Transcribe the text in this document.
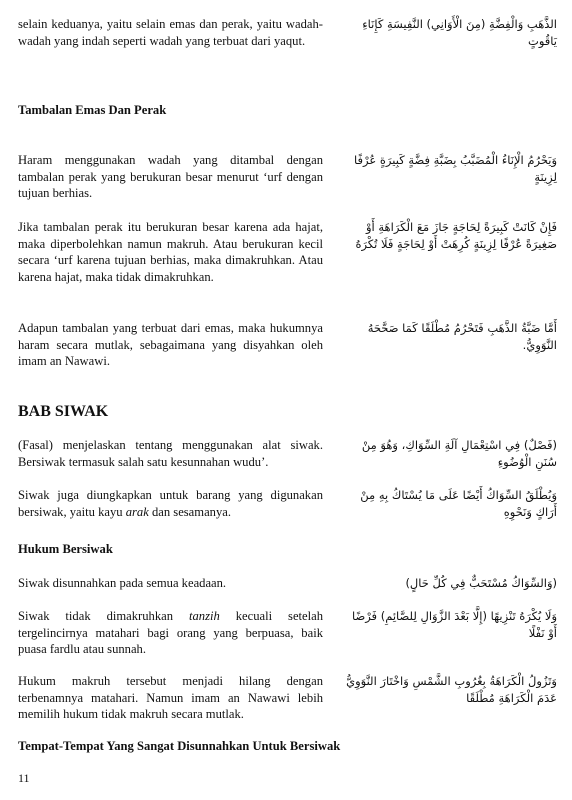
selain keduanya, yaitu selain emas dan perak, yaitu wadah-wadah yang indah seperti wadah yang terbuat dari yaqut.

الذَّهَبِ وَالْفِضَّةِ (مِنَ الْأَوَانِي) النَّفِيسَةِ كَإِنَاءِ يَاقُوتٍ

Tambalan Emas Dan Perak

Haram menggunakan wadah yang ditambal dengan tambalan perak yang berukuran besar menurut ‘urf dengan tujuan berhias.

وَيَحْرُمُ الْإِنَاءُ الْمُضَبَّبُ بِضَبَّةِ فِضَّةٍ كَبِيرَةٍ عُرْفًا لِزِينَةٍ

Jika tambalan perak itu berukuran besar karena ada hajat, maka diperbolehkan namun makruh. Atau berukuran kecil secara ‘urf karena tujuan berhias, maka dimakruhkan. Atau karena hajat, maka tidak dimakruhkan.

فَإِنْ كَانَتْ كَبِيرَةً لِحَاجَةٍ جَازَ مَعَ الْكَرَاهَةِ أَوْ صَغِيرَةً عُرْفًا لِزِينَةٍ كُرِهَتْ أَوْ لِحَاجَةٍ فَلَا تُكْرَهُ

Adapun tambalan yang terbuat dari emas, maka hukumnya haram secara mutlak, sebagaimana yang disyahkan oleh imam an Nawawi.

أَمَّا ضَبَّةُ الذَّهَبِ فَتَحْرُمُ مُطْلَقًا كَمَا صَحَّحَهُ النَّوَوِيُّ.

BAB SIWAK

(Fasal) menjelaskan tentang menggunakan alat siwak. Bersiwak termasuk salah satu kesunnahan wudu’.

(فَصْلٌ) فِي اسْتِعْمَالِ آلَةِ السِّوَاكِ، وَهُوَ مِنْ سُنَنِ الْوُضُوءِ

Siwak juga diungkapkan untuk barang yang digunakan bersiwak, yaitu kayu arak dan sesamanya.

وَيُطْلَقُ السِّوَاكُ أَيْضًا عَلَى مَا يُسْتَاكُ بِهِ مِنْ أَرَاكٍ وَنَحْوِهِ

Hukum Bersiwak

Siwak disunnahkan pada semua keadaan.	(وَالسِّوَاكُ مُسْتَحَبٌّ فِي كُلِّ حَالٍ)

Siwak tidak dimakruhkan tanzih kecuali setelah tergelincirnya matahari bagi orang yang berpuasa, baik puasa fardlu atau sunnah.

وَلَا يُكْرَهُ تَنْزِيهًا (إِلَّا بَعْدَ الزَّوَالِ لِلصَّائِمِ) فَرْضًا أَوْ نَفْلًا

Hukum makruh tersebut menjadi hilang dengan terbenamnya matahari. Namun imam an Nawawi lebih memilih hukum tidak makruh secara mutlak.

وَتَزُولُ الْكَرَاهَةُ بِغُرُوبِ الشَّمْسِ وَاخْتَارَ النَّوَوِيُّ عَدَمَ الْكَرَاهَةِ مُطْلَقًا

Tempat-Tempat Yang Sangat Disunnahkan Untuk Bersiwak
11
